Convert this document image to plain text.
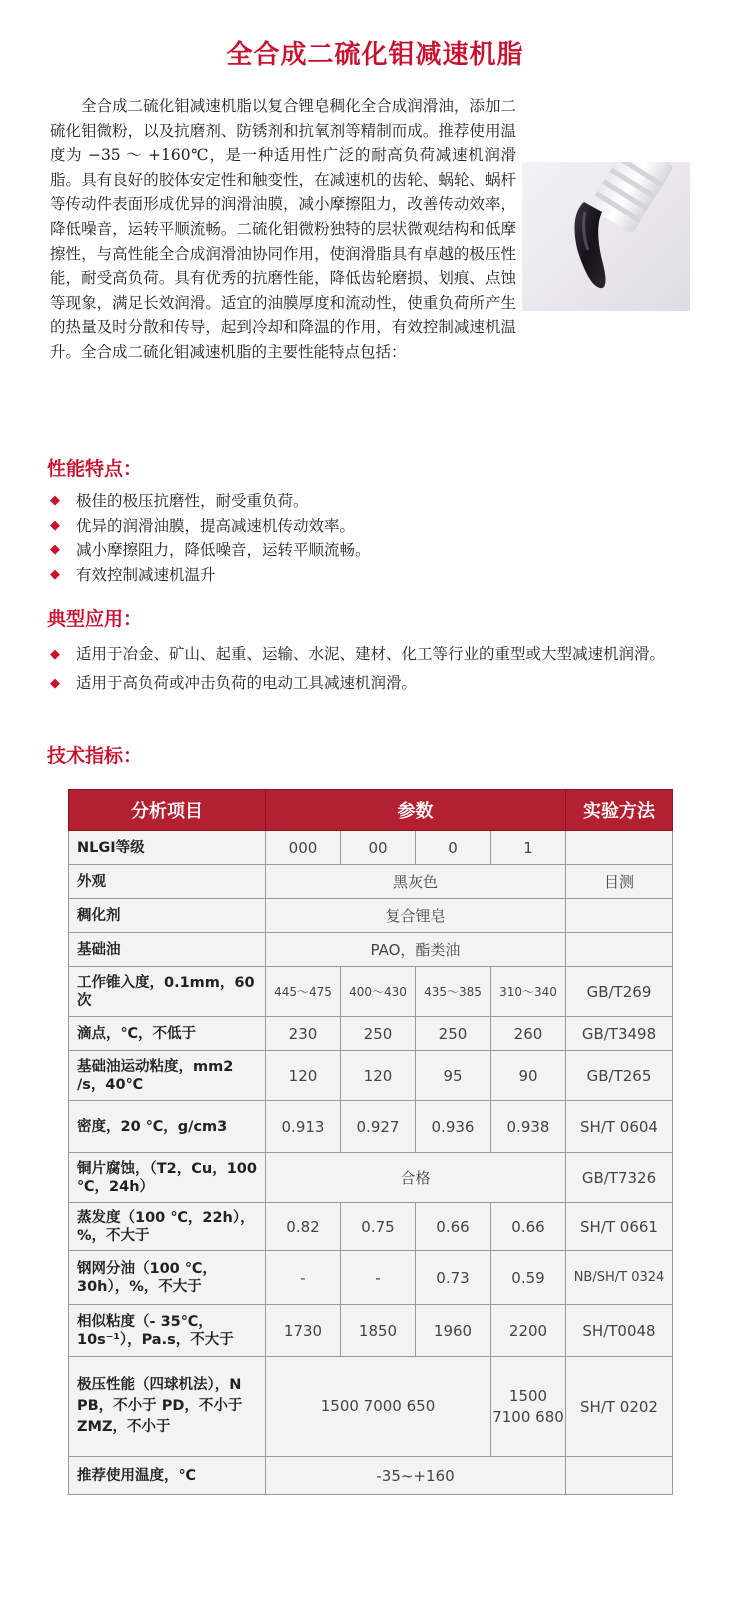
全合成二硫化钼减速机脂

全合成二硫化钼减速机脂以复合锂皂稠化全合成润滑油，添加二硫化钼微粉，以及抗磨剂、防锈剂和抗氧剂等精制而成。推荐使用温度为 −35 ～ +160℃，是一种适用性广泛的耐高负荷减速机润滑脂。具有良好的胶体安定性和触变性，在减速机的齿轮、蜗轮、蜗杆等传动件表面形成优异的润滑油膜，减小摩擦阻力，改善传动效率，降低噪音，运转平顺流畅。二硫化钼微粉独特的层状微观结构和低摩擦性，与高性能全合成润滑油协同作用，使润滑脂具有卓越的极压性能，耐受高负荷。具有优秀的抗磨性能，降低齿轮磨损、划痕、点蚀等现象，满足长效润滑。适宜的油膜厚度和流动性，使重负荷所产生的热量及时分散和传导，起到冷却和降温的作用，有效控制减速机温升。全合成二硫化钼减速机脂的主要性能特点包括：

性能特点：
◆ 极佳的极压抗磨性，耐受重负荷。
◆ 优异的润滑油膜，提高减速机传动效率。
◆ 减小摩擦阻力，降低噪音，运转平顺流畅。
◆ 有效控制减速机温升
典型应用：
◆ 适用于冶金、矿山、起重、运输、水泥、建材、化工等行业的重型或大型减速机润滑。
◆ 适用于高负荷或冲击负荷的电动工具减速机润滑。
技术指标：
分析项目	参数				实验方法
NLGI等级	000	00	0	1	
外观	黑灰色				目测
稠化剂	复合锂皂				
基础油	PAO，酯类油				
工作锥入度，0.1mm，60次	445～475	400～430	435～385	310～340	GB/T269
滴点，℃，不低于	230	250	250	260	GB/T3498
基础油运动粘度，mm2 /s，40℃	120	120	95	90	GB/T265
密度，20 ℃，g/cm3	0.913	0.927	0.936	0.938	SH/T 0604
铜片腐蚀，（T2，Cu，100 ℃，24h）	合格				GB/T7326
蒸发度（100 ℃，22h），%，不大于	0.82	0.75	0.66	0.66	SH/T 0661
钢网分油（100 ℃，30h），%，不大于	-	-	0.73	0.59	NB/SH/T 0324
相似粘度（- 35℃，10s⁻¹），Pa.s，不大于	1730	1850	1960	2200	SH/T0048
极压性能（四球机法），N PB，不小于 PD，不小于 ZMZ，不小于	1500 7000 650			1500 7100 680	SH/T 0202
推荐使用温度，℃	-35~+160				
